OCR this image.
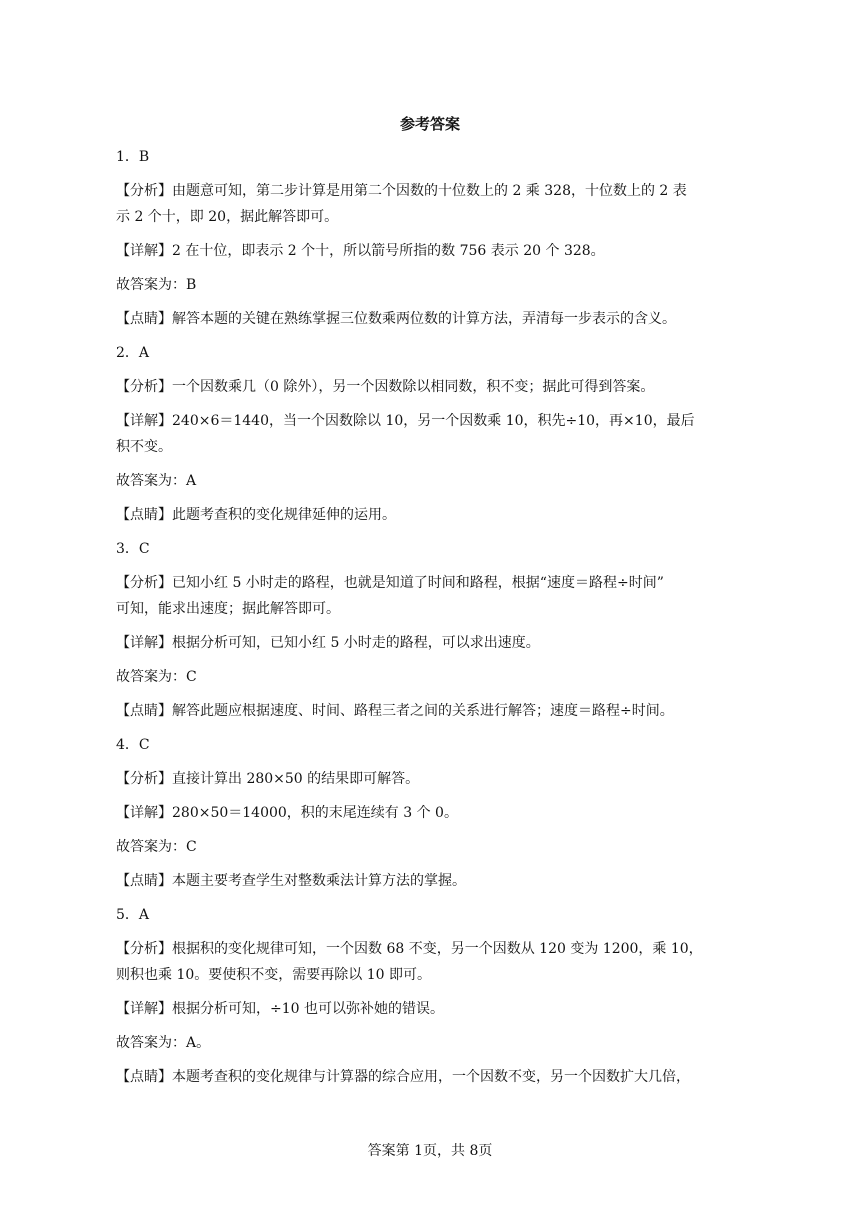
参考答案

1．B

【分析】由题意可知，第二步计算是用第二个因数的十位数上的 2 乘 328，十位数上的 2 表

示 2 个十，即 20，据此解答即可。

【详解】2 在十位，即表示 2 个十，所以箭号所指的数 756 表示 20 个 328。

故答案为：B

【点睛】解答本题的关键在熟练掌握三位数乘两位数的计算方法，弄清每一步表示的含义。

2．A

【分析】一个因数乘几（0 除外），另一个因数除以相同数，积不变；据此可得到答案。

【详解】240×6＝1440，当一个因数除以 10，另一个因数乘 10，积先÷10，再×10，最后

积不变。

故答案为：A

【点睛】此题考查积的变化规律延伸的运用。

3．C

【分析】已知小红 5 小时走的路程，也就是知道了时间和路程，根据“速度＝路程÷时间”

可知，能求出速度；据此解答即可。

【详解】根据分析可知，已知小红 5 小时走的路程，可以求出速度。

故答案为：C

【点睛】解答此题应根据速度、时间、路程三者之间的关系进行解答；速度＝路程÷时间。

4．C

【分析】直接计算出 280×50 的结果即可解答。

【详解】280×50＝14000，积的末尾连续有 3 个 0。

故答案为：C

【点睛】本题主要考查学生对整数乘法计算方法的掌握。

5．A

【分析】根据积的变化规律可知，一个因数 68 不变，另一个因数从 120 变为 1200，乘 10，

则积也乘 10。要使积不变，需要再除以 10 即可。

【详解】根据分析可知，÷10 也可以弥补她的错误。

故答案为：A。

【点睛】本题考查积的变化规律与计算器的综合应用，一个因数不变，另一个因数扩大几倍，

答案第 1页，共 8页
